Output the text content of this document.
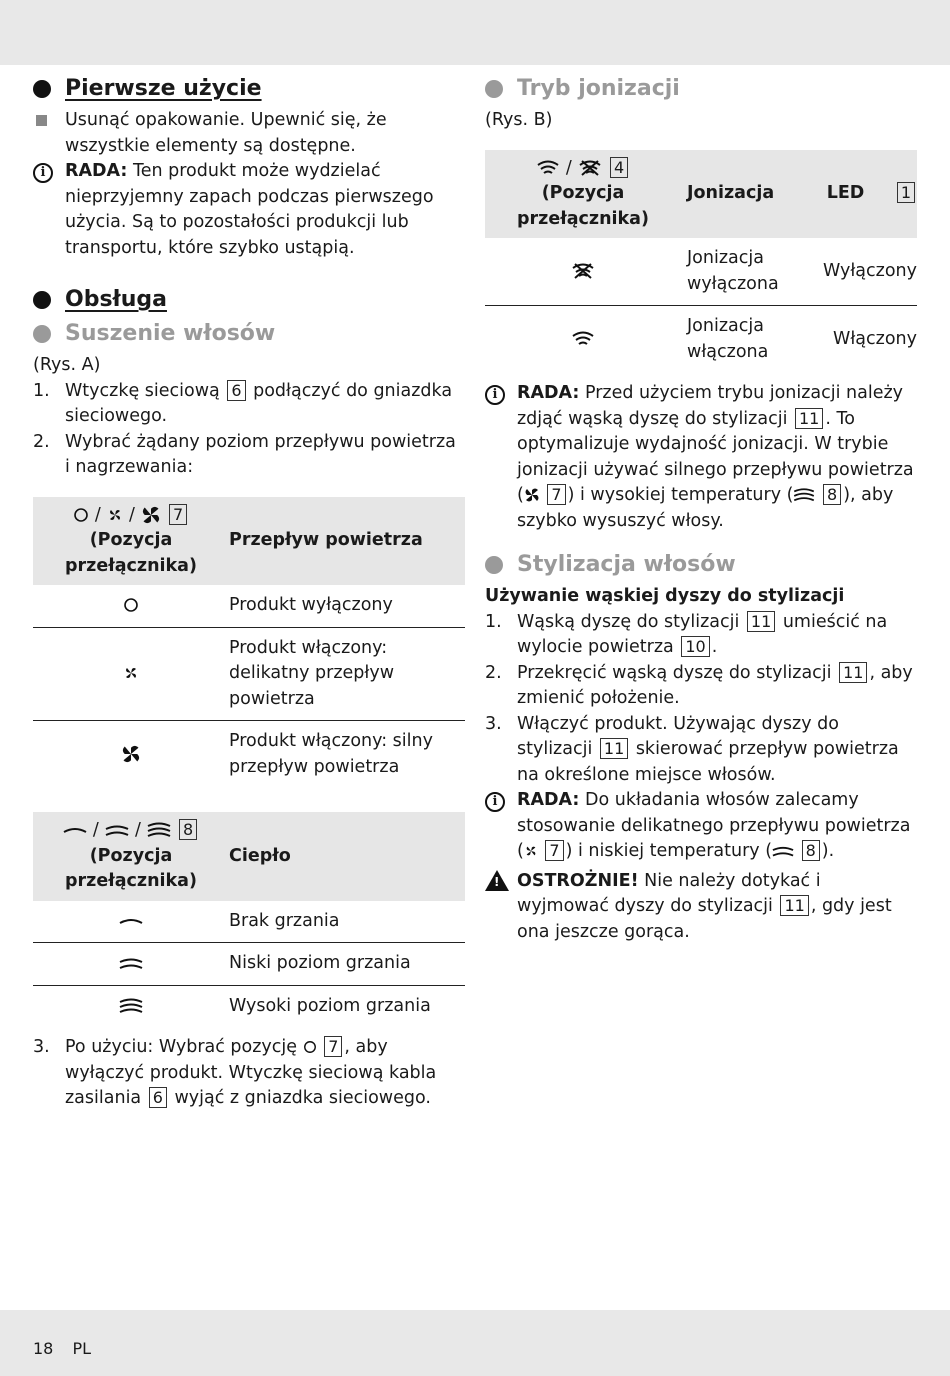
Pierwsze użycie
Usunąć opakowanie. Upewnić się, że wszystkie elementy są dostępne.
i	RADA: Ten produkt może wydzielać nieprzyjemny zapach podczas pierwszego użycia. Są to pozostałości produkcji lub transportu, które szybko ustąpią.
Obsługa
Suszenie włosów
(Rys. A)
1. Wtyczkę sieciową 6 podłączyć do gniazdka sieciowego.
2. Wybrać żądany poziom przepływu powietrza i nagrzewania:
/ / 7
(Pozycja przełącznika)	Przepływ powietrza
	Produkt wyłączony
	Produkt włączony: delikatny przepływ powietrza
	Produkt włączony: silny przepływ powietrza
/ / 8
(Pozycja przełącznika)	Ciepło
	Brak grzania
	Niski poziom grzania
	Wysoki poziom grzania
3. Po użyciu: Wybrać pozycję  7 , aby wyłączyć produkt. Wtyczkę sieciową kabla zasilania 6 wyjąć z gniazdka sieciowego.
Tryb jonizacji
(Rys. B)
/ 4
(Pozycja przełącznika)	Jonizacja	LED 1
	Jonizacja wyłączona	Wyłączony
	Jonizacja włączona	Włączony
i	RADA: Przed użyciem trybu jonizacji należy zdjąć wąską dyszę do stylizacji 11 . To optymalizuje wydajność jonizacji. W trybie jonizacji używać silnego przepływu powietrza ( 7 ) i wysokiej temperatury ( 8 ), aby szybko wysuszyć włosy.
Stylizacja włosów
Używanie wąskiej dyszy do stylizacji
1. Wąską dyszę do stylizacji 11 umieścić na wylocie powietrza 10 .
2. Przekręcić wąską dyszę do stylizacji 11 , aby zmienić położenie.
3. Włączyć produkt. Używając dyszy do stylizacji 11 skierować przepływ powietrza na określone miejsce włosów.
i	RADA: Do układania włosów zalecamy stosowanie delikatnego przepływu powietrza ( 7 ) i niskiej temperatury ( 8 ).
!
OSTROŻNIE! Nie należy dotykać i wyjmować dyszy do stylizacji 11 , gdy jest ona jeszcze gorąca.
18 PL
